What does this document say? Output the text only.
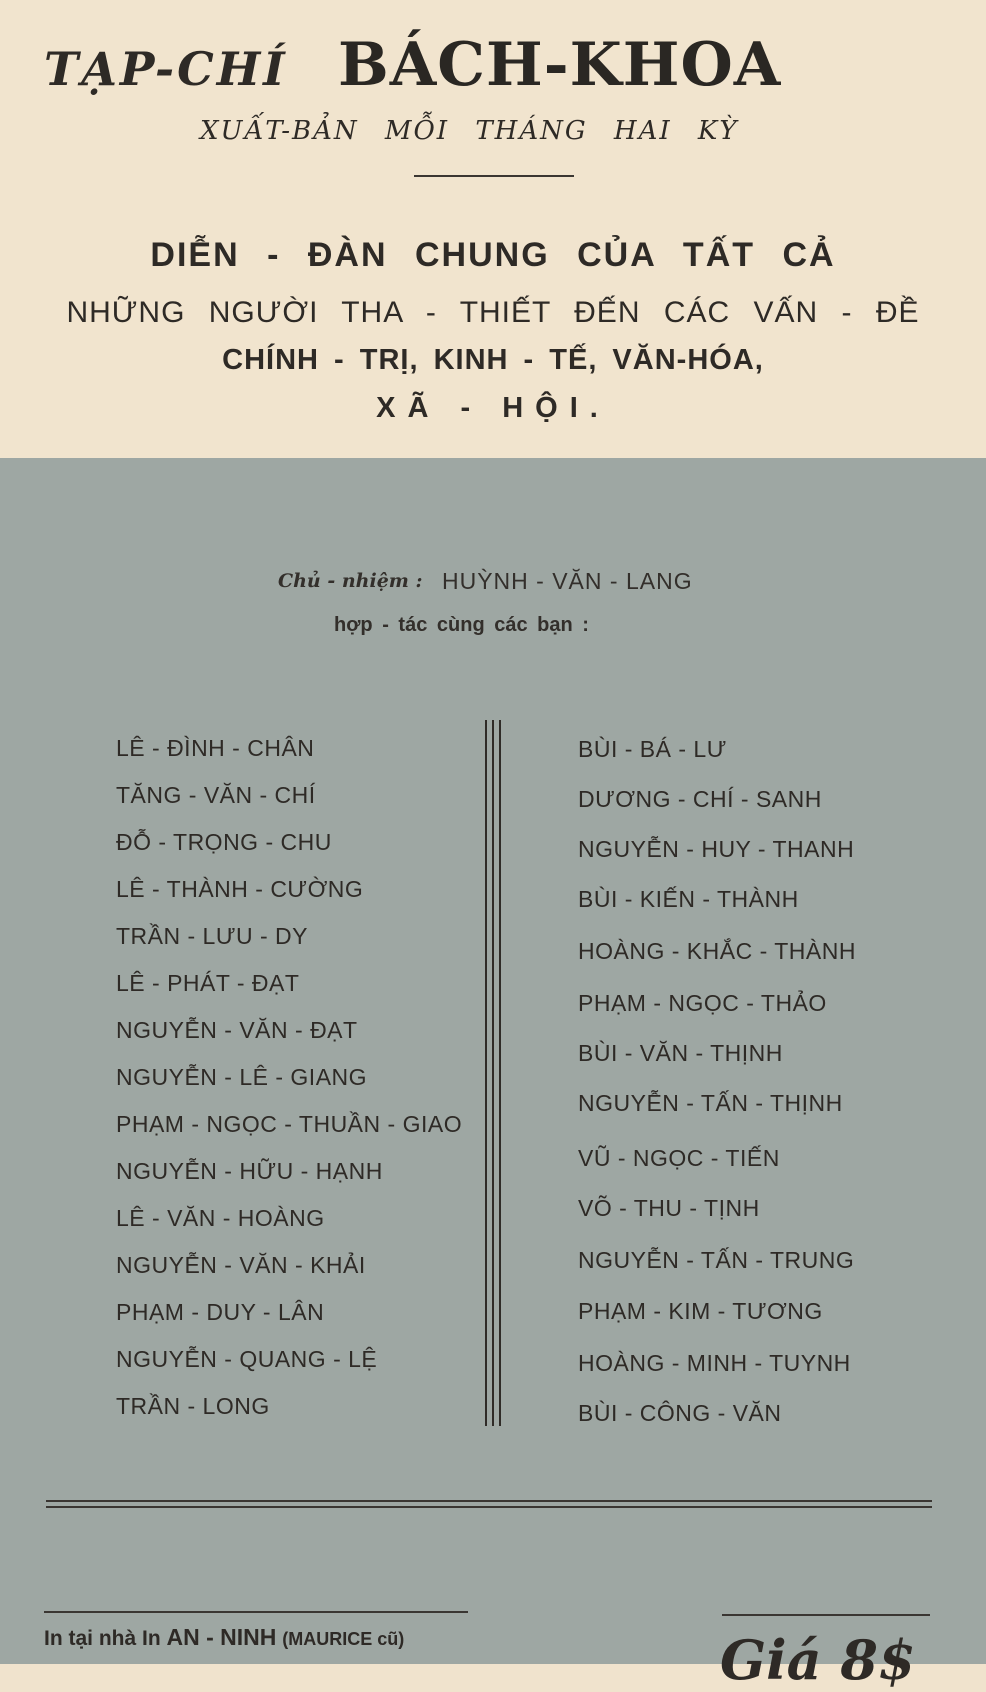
TẠP-CHÍ BÁCH-KHOA
XUẤT-BẢN MỖI THÁNG HAI KỲ
DIỄN - ĐÀN CHUNG CỦA TẤT CẢ
NHỮNG NGƯỜI THA - THIẾT ĐẾN CÁC VẤN - ĐỀ
CHÍNH - TRỊ, KINH - TẾ, VĂN-HÓA,
XÃ - HỘI.
Chủ - nhiệm : HUỲNH - VĂN - LANG
hợp - tác cùng các bạn :
LÊ - ĐÌNH - CHÂN
TĂNG - VĂN - CHÍ
ĐỖ - TRỌNG - CHU
LÊ - THÀNH - CƯỜNG
TRẦN - LƯU - DY
LÊ - PHÁT - ĐẠT
NGUYỄN - VĂN - ĐẠT
NGUYỄN - LÊ - GIANG
PHẠM - NGỌC - THUẦN - GIAO
NGUYỄN - HỮU - HẠNH
LÊ - VĂN - HOÀNG
NGUYỄN - VĂN - KHẢI
PHẠM - DUY - LÂN
NGUYỄN - QUANG - LỆ
TRẦN - LONG
BÙI - BÁ - LƯ
DƯƠNG - CHÍ - SANH
NGUYỄN - HUY - THANH
BÙI - KIẾN - THÀNH
HOÀNG - KHẮC - THÀNH
PHẠM - NGỌC - THẢO
BÙI - VĂN - THỊNH
NGUYỄN - TẤN - THỊNH
VŨ - NGỌC - TIẾN
VÕ - THU - TỊNH
NGUYỄN - TẤN - TRUNG
PHẠM - KIM - TƯƠNG
HOÀNG - MINH - TUYNH
BÙI - CÔNG - VĂN
In tại nhà In AN - NINH (MAURICE cũ)	Giá 8$
